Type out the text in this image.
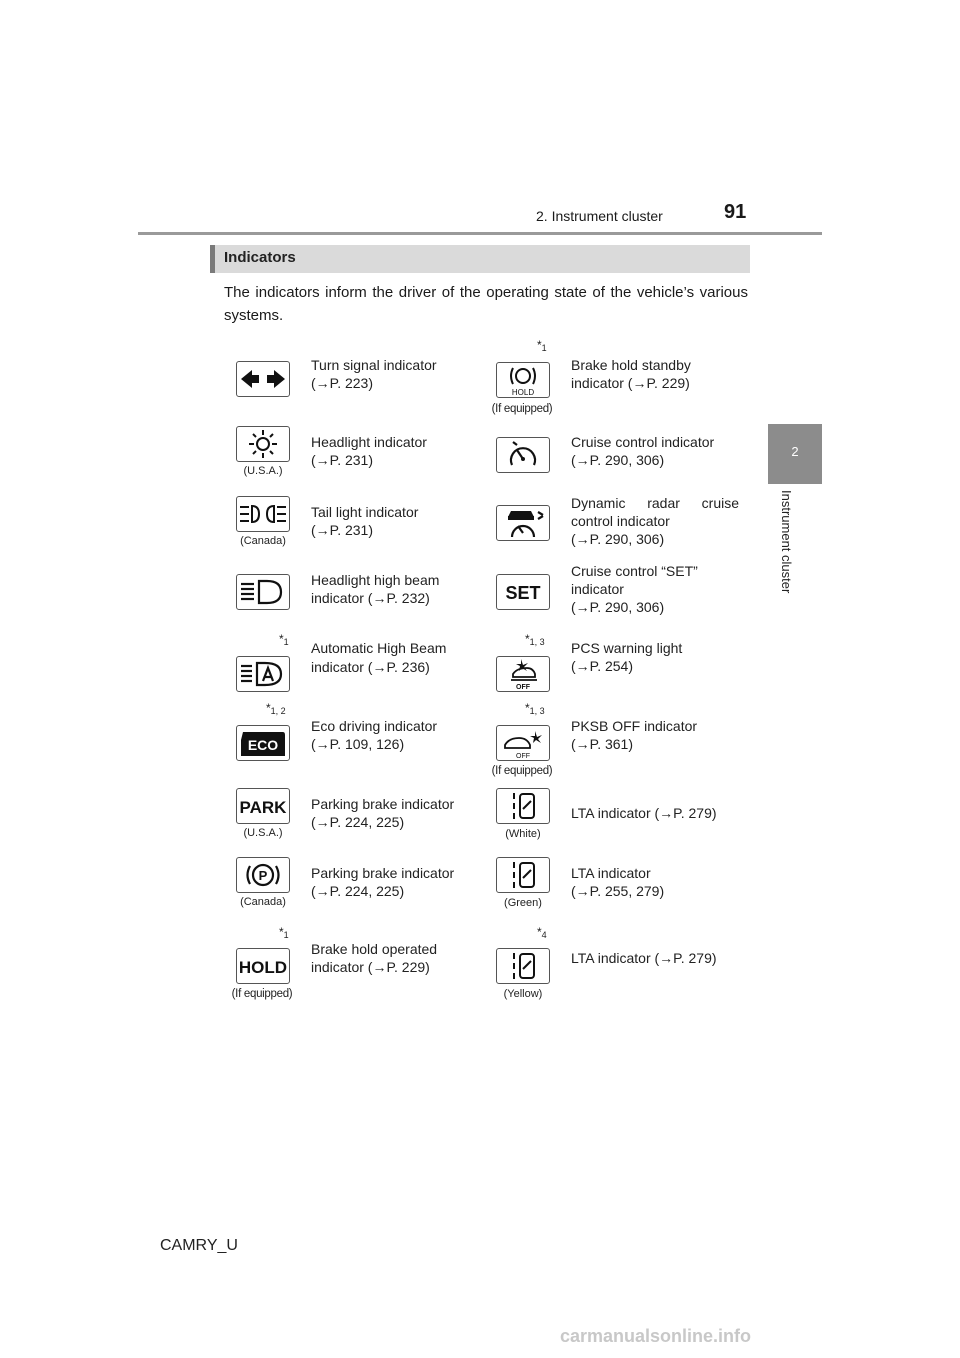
2. Instrument cluster	91
2
Instrument cluster
Indicators
The indicators inform the driver of the operating state of the vehicle’s various systems.
Turn signal indicator
(→P. 223)
(U.S.A.)
Headlight indicator
(→P. 231)
(Canada)
Tail light indicator
(→P. 231)
Headlight high beam
indicator (→P. 232)
*1 Automatic High Beam
indicator (→P. 236)
*1, 2
ECO
Eco driving indicator
(→P. 109, 126)
PARK
(U.S.A.)
Parking brake indicator
(→P. 224, 225)
P
(Canada)
Parking brake indicator
(→P. 224, 225)
*1
HOLD
(If equipped)
Brake hold operated
indicator (→P. 229)
*1
HOLD
(If equipped)
Brake hold standby
indicator (→P. 229)
Cruise control indicator
(→P. 290, 306)
Dynamic radar cruise
control indicator
(→P. 290, 306)
SET
Cruise control “SET”
indicator
(→P. 290, 306)
*1, 3
OFF
PCS warning light
(→P. 254)
*1, 3
OFF
(If equipped)
PKSB OFF indicator
(→P. 361)
(White)
LTA indicator (→P. 279)
(Green)
LTA indicator
(→P. 255, 279)
*4
(Yellow)
LTA indicator (→P. 279)
CAMRY_U
carmanualsonline.info
